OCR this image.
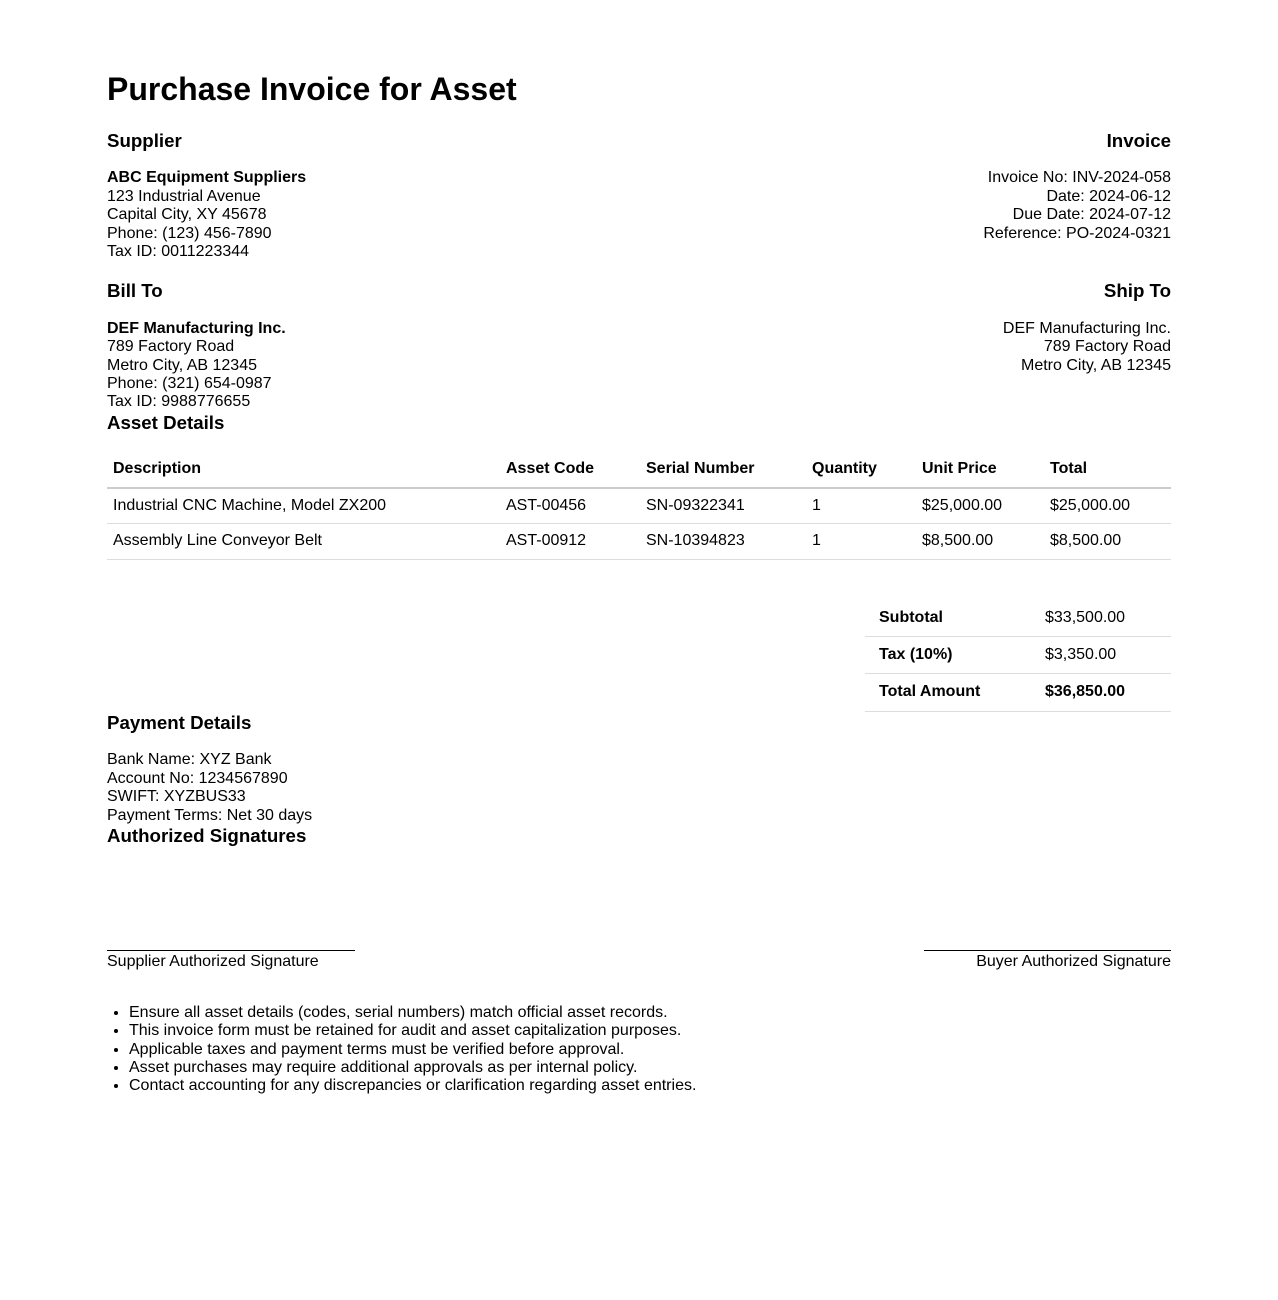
Purchase Invoice for Asset
Supplier
ABC Equipment Suppliers
123 Industrial Avenue
Capital City, XY 45678
Phone: (123) 456-7890
Tax ID: 0011223344
Invoice
Invoice No: INV-2024-058
Date: 2024-06-12
Due Date: 2024-07-12
Reference: PO-2024-0321
Bill To
DEF Manufacturing Inc.
789 Factory Road
Metro City, AB 12345
Phone: (321) 654-0987
Tax ID: 9988776655
Ship To
DEF Manufacturing Inc.
789 Factory Road
Metro City, AB 12345
Asset Details
Description	Asset Code	Serial Number	Quantity	Unit Price	Total
Industrial CNC Machine, Model ZX200	AST-00456	SN-09322341	1	$25,000.00	$25,000.00
Assembly Line Conveyor Belt	AST-00912	SN-10394823	1	$8,500.00	$8,500.00
Subtotal	$33,500.00
Tax (10%)	$3,350.00
Total Amount	$36,850.00
Payment Details
Bank Name: XYZ Bank
Account No: 1234567890
SWIFT: XYZBUS33
Payment Terms: Net 30 days
Authorized Signatures
Supplier Authorized Signature	Buyer Authorized Signature
• Ensure all asset details (codes, serial numbers) match official asset records.
• This invoice form must be retained for audit and asset capitalization purposes.
• Applicable taxes and payment terms must be verified before approval.
• Asset purchases may require additional approvals as per internal policy.
• Contact accounting for any discrepancies or clarification regarding asset entries.
